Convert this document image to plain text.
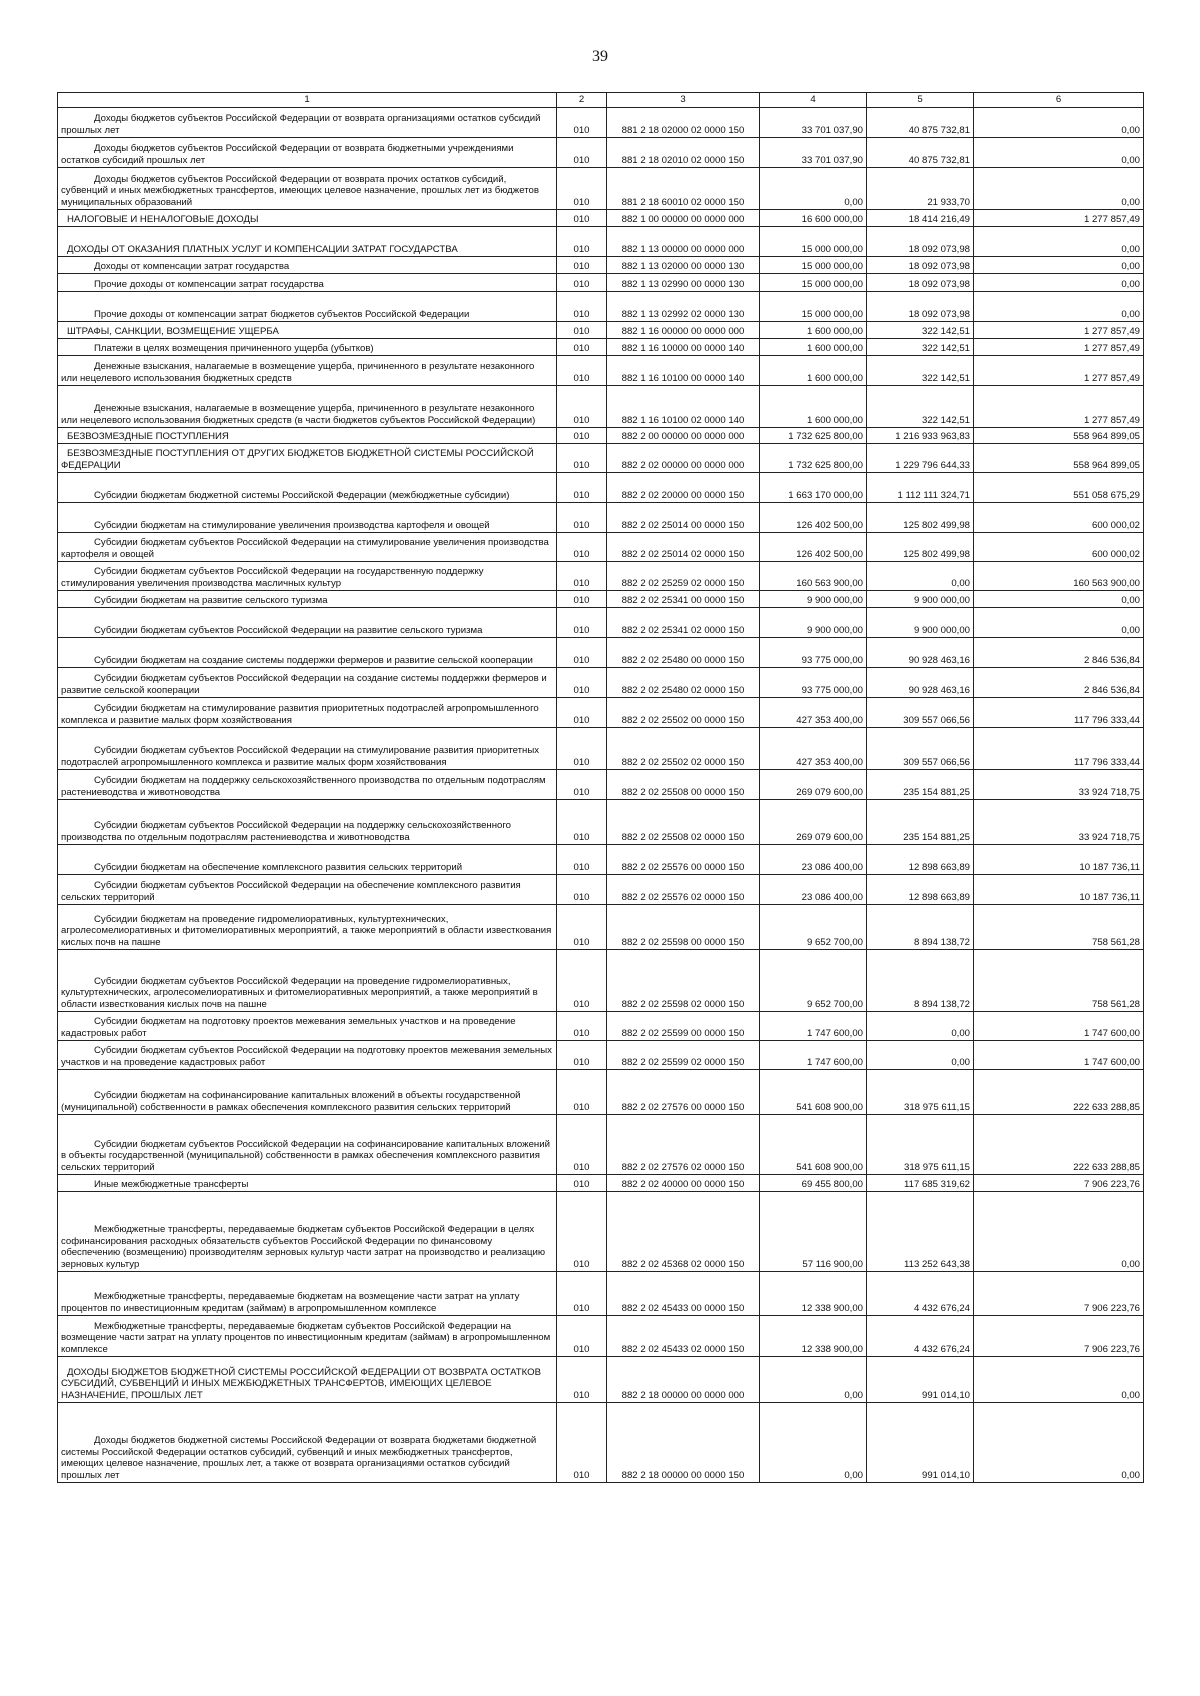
39
1	2	3	4	5	6

Доходы бюджетов субъектов Российской Федерации от возврата организациями остатков субсидий прошлых лет	010	881 2 18 02000 02 0000 150	33 701 037,90	40 875 732,81	0,00

Доходы бюджетов субъектов Российской Федерации от возврата бюджетными учреждениями остатков субсидий прошлых лет	010	881 2 18 02010 02 0000 150	33 701 037,90	40 875 732,81	0,00

Доходы бюджетов субъектов Российской Федерации от возврата прочих остатков субсидий, субвенций и иных межбюджетных трансфертов, имеющих целевое назначение, прошлых лет из бюджетов муниципальных образований	010	881 2 18 60010 02 0000 150	0,00	21 933,70	0,00

НАЛОГОВЫЕ И НЕНАЛОГОВЫЕ ДОХОДЫ	010	882 1 00 00000 00 0000 000	16 600 000,00	18 414 216,49	1 277 857,49

ДОХОДЫ ОТ ОКАЗАНИЯ ПЛАТНЫХ УСЛУГ И КОМПЕНСАЦИИ ЗАТРАТ ГОСУДАРСТВА	010	882 1 13 00000 00 0000 000	15 000 000,00	18 092 073,98	0,00

Доходы от компенсации затрат государства	010	882 1 13 02000 00 0000 130	15 000 000,00	18 092 073,98	0,00

Прочие доходы от компенсации затрат государства	010	882 1 13 02990 00 0000 130	15 000 000,00	18 092 073,98	0,00

Прочие доходы от компенсации затрат бюджетов субъектов Российской Федерации	010	882 1 13 02992 02 0000 130	15 000 000,00	18 092 073,98	0,00

ШТРАФЫ, САНКЦИИ, ВОЗМЕЩЕНИЕ УЩЕРБА	010	882 1 16 00000 00 0000 000	1 600 000,00	322 142,51	1 277 857,49

Платежи в целях возмещения причиненного ущерба (убытков)	010	882 1 16 10000 00 0000 140	1 600 000,00	322 142,51	1 277 857,49

Денежные взыскания, налагаемые в возмещение ущерба, причиненного в результате незаконного или нецелевого использования бюджетных средств	010	882 1 16 10100 00 0000 140	1 600 000,00	322 142,51	1 277 857,49

Денежные взыскания, налагаемые в возмещение ущерба, причиненного в результате незаконного или нецелевого использования бюджетных средств (в части бюджетов субъектов Российской Федерации)	010	882 1 16 10100 02 0000 140	1 600 000,00	322 142,51	1 277 857,49

БЕЗВОЗМЕЗДНЫЕ ПОСТУПЛЕНИЯ	010	882 2 00 00000 00 0000 000	1 732 625 800,00	1 216 933 963,83	558 964 899,05

БЕЗВОЗМЕЗДНЫЕ ПОСТУПЛЕНИЯ ОТ ДРУГИХ БЮДЖЕТОВ БЮДЖЕТНОЙ СИСТЕМЫ РОССИЙСКОЙ ФЕДЕРАЦИИ	010	882 2 02 00000 00 0000 000	1 732 625 800,00	1 229 796 644,33	558 964 899,05

Субсидии бюджетам бюджетной системы Российской Федерации (межбюджетные субсидии)	010	882 2 02 20000 00 0000 150	1 663 170 000,00	1 112 111 324,71	551 058 675,29

Субсидии бюджетам на стимулирование увеличения производства картофеля и овощей	010	882 2 02 25014 00 0000 150	126 402 500,00	125 802 499,98	600 000,02

Субсидии бюджетам субъектов Российской Федерации на стимулирование увеличения производства картофеля и овощей	010	882 2 02 25014 02 0000 150	126 402 500,00	125 802 499,98	600 000,02

Субсидии бюджетам субъектов Российской Федерации на государственную поддержку стимулирования увеличения производства масличных культур	010	882 2 02 25259 02 0000 150	160 563 900,00	0,00	160 563 900,00

Субсидии бюджетам на развитие сельского туризма	010	882 2 02 25341 00 0000 150	9 900 000,00	9 900 000,00	0,00

Субсидии бюджетам субъектов Российской Федерации на развитие сельского туризма	010	882 2 02 25341 02 0000 150	9 900 000,00	9 900 000,00	0,00

Субсидии бюджетам на создание системы поддержки фермеров и развитие сельской кооперации	010	882 2 02 25480 00 0000 150	93 775 000,00	90 928 463,16	2 846 536,84

Субсидии бюджетам субъектов Российской Федерации на создание системы поддержки фермеров и развитие сельской кооперации	010	882 2 02 25480 02 0000 150	93 775 000,00	90 928 463,16	2 846 536,84

Субсидии бюджетам на стимулирование развития приоритетных подотраслей агропромышленного комплекса и развитие малых форм хозяйствования	010	882 2 02 25502 00 0000 150	427 353 400,00	309 557 066,56	117 796 333,44

Субсидии бюджетам субъектов Российской Федерации на стимулирование развития приоритетных подотраслей агропромышленного комплекса и развитие малых форм хозяйствования	010	882 2 02 25502 02 0000 150	427 353 400,00	309 557 066,56	117 796 333,44

Субсидии бюджетам на поддержку сельскохозяйственного производства по отдельным подотраслям растениеводства и животноводства	010	882 2 02 25508 00 0000 150	269 079 600,00	235 154 881,25	33 924 718,75

Субсидии бюджетам субъектов Российской Федерации на поддержку сельскохозяйственного производства по отдельным подотраслям растениеводства и животноводства	010	882 2 02 25508 02 0000 150	269 079 600,00	235 154 881,25	33 924 718,75

Субсидии бюджетам на обеспечение комплексного развития сельских территорий	010	882 2 02 25576 00 0000 150	23 086 400,00	12 898 663,89	10 187 736,11

Субсидии бюджетам субъектов Российской Федерации на обеспечение комплексного развития сельских территорий	010	882 2 02 25576 02 0000 150	23 086 400,00	12 898 663,89	10 187 736,11

Субсидии бюджетам на проведение гидромелиоративных, культуртехнических, агролесомелиоративных и фитомелиоративных мероприятий, а также мероприятий в области известкования кислых почв на пашне	010	882 2 02 25598 00 0000 150	9 652 700,00	8 894 138,72	758 561,28

Субсидии бюджетам субъектов Российской Федерации на проведение гидромелиоративных, культуртехнических, агролесомелиоративных и фитомелиоративных мероприятий, а также мероприятий в области известкования кислых почв на пашне	010	882 2 02 25598 02 0000 150	9 652 700,00	8 894 138,72	758 561,28

Субсидии бюджетам на подготовку проектов межевания земельных участков и на проведение кадастровых работ	010	882 2 02 25599 00 0000 150	1 747 600,00	0,00	1 747 600,00

Субсидии бюджетам субъектов Российской Федерации на подготовку проектов межевания земельных участков и на проведение кадастровых работ	010	882 2 02 25599 02 0000 150	1 747 600,00	0,00	1 747 600,00

Субсидии бюджетам на софинансирование капитальных вложений в объекты государственной (муниципальной) собственности в рамках обеспечения комплексного развития сельских территорий	010	882 2 02 27576 00 0000 150	541 608 900,00	318 975 611,15	222 633 288,85

Субсидии бюджетам субъектов Российской Федерации на софинансирование капитальных вложений в объекты государственной (муниципальной) собственности в рамках обеспечения комплексного развития сельских территорий	010	882 2 02 27576 02 0000 150	541 608 900,00	318 975 611,15	222 633 288,85

Иные межбюджетные трансферты	010	882 2 02 40000 00 0000 150	69 455 800,00	117 685 319,62	7 906 223,76

Межбюджетные трансферты, передаваемые бюджетам субъектов Российской Федерации в целях софинансирования расходных обязательств субъектов Российской Федерации по финансовому обеспечению (возмещению) производителям зерновых культур части затрат на производство и реализацию зерновых культур	010	882 2 02 45368 02 0000 150	57 116 900,00	113 252 643,38	0,00

Межбюджетные трансферты, передаваемые бюджетам на возмещение части затрат на уплату процентов по инвестиционным кредитам (займам) в агропромышленном комплексе	010	882 2 02 45433 00 0000 150	12 338 900,00	4 432 676,24	7 906 223,76

Межбюджетные трансферты, передаваемые бюджетам субъектов Российской Федерации на возмещение части затрат на уплату процентов по инвестиционным кредитам (займам) в агропромышленном комплексе	010	882 2 02 45433 02 0000 150	12 338 900,00	4 432 676,24	7 906 223,76

ДОХОДЫ БЮДЖЕТОВ БЮДЖЕТНОЙ СИСТЕМЫ РОССИЙСКОЙ ФЕДЕРАЦИИ ОТ ВОЗВРАТА ОСТАТКОВ СУБСИДИЙ, СУБВЕНЦИЙ И ИНЫХ МЕЖБЮДЖЕТНЫХ ТРАНСФЕРТОВ, ИМЕЮЩИХ ЦЕЛЕВОЕ НАЗНАЧЕНИЕ, ПРОШЛЫХ ЛЕТ	010	882 2 18 00000 00 0000 000	0,00	991 014,10	0,00

Доходы бюджетов бюджетной системы Российской Федерации от возврата бюджетами бюджетной системы Российской Федерации остатков субсидий, субвенций и иных межбюджетных трансфертов, имеющих целевое назначение, прошлых лет, а также от возврата организациями остатков субсидий прошлых лет	010	882 2 18 00000 00 0000 150	0,00	991 014,10	0,00
